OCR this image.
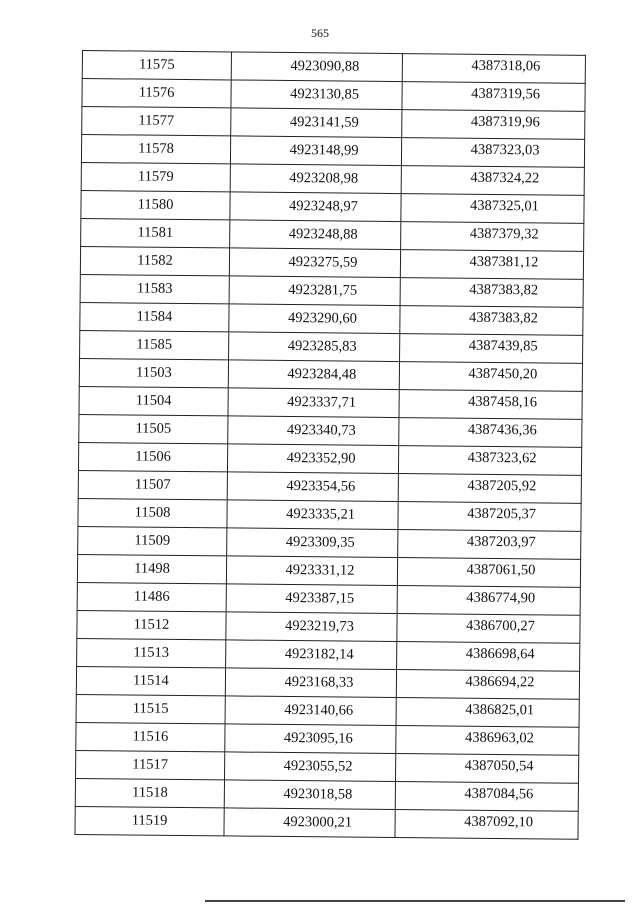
565
11575	4923090,88	4387318,06
11576	4923130,85	4387319,56
11577	4923141,59	4387319,96
11578	4923148,99	4387323,03
11579	4923208,98	4387324,22
11580	4923248,97	4387325,01
11581	4923248,88	4387379,32
11582	4923275,59	4387381,12
11583	4923281,75	4387383,82
11584	4923290,60	4387383,82
11585	4923285,83	4387439,85
11503	4923284,48	4387450,20
11504	4923337,71	4387458,16
11505	4923340,73	4387436,36
11506	4923352,90	4387323,62
11507	4923354,56	4387205,92
11508	4923335,21	4387205,37
11509	4923309,35	4387203,97
11498	4923331,12	4387061,50
11486	4923387,15	4386774,90
11512	4923219,73	4386700,27
11513	4923182,14	4386698,64
11514	4923168,33	4386694,22
11515	4923140,66	4386825,01
11516	4923095,16	4386963,02
11517	4923055,52	4387050,54
11518	4923018,58	4387084,56
11519	4923000,21	4387092,10
